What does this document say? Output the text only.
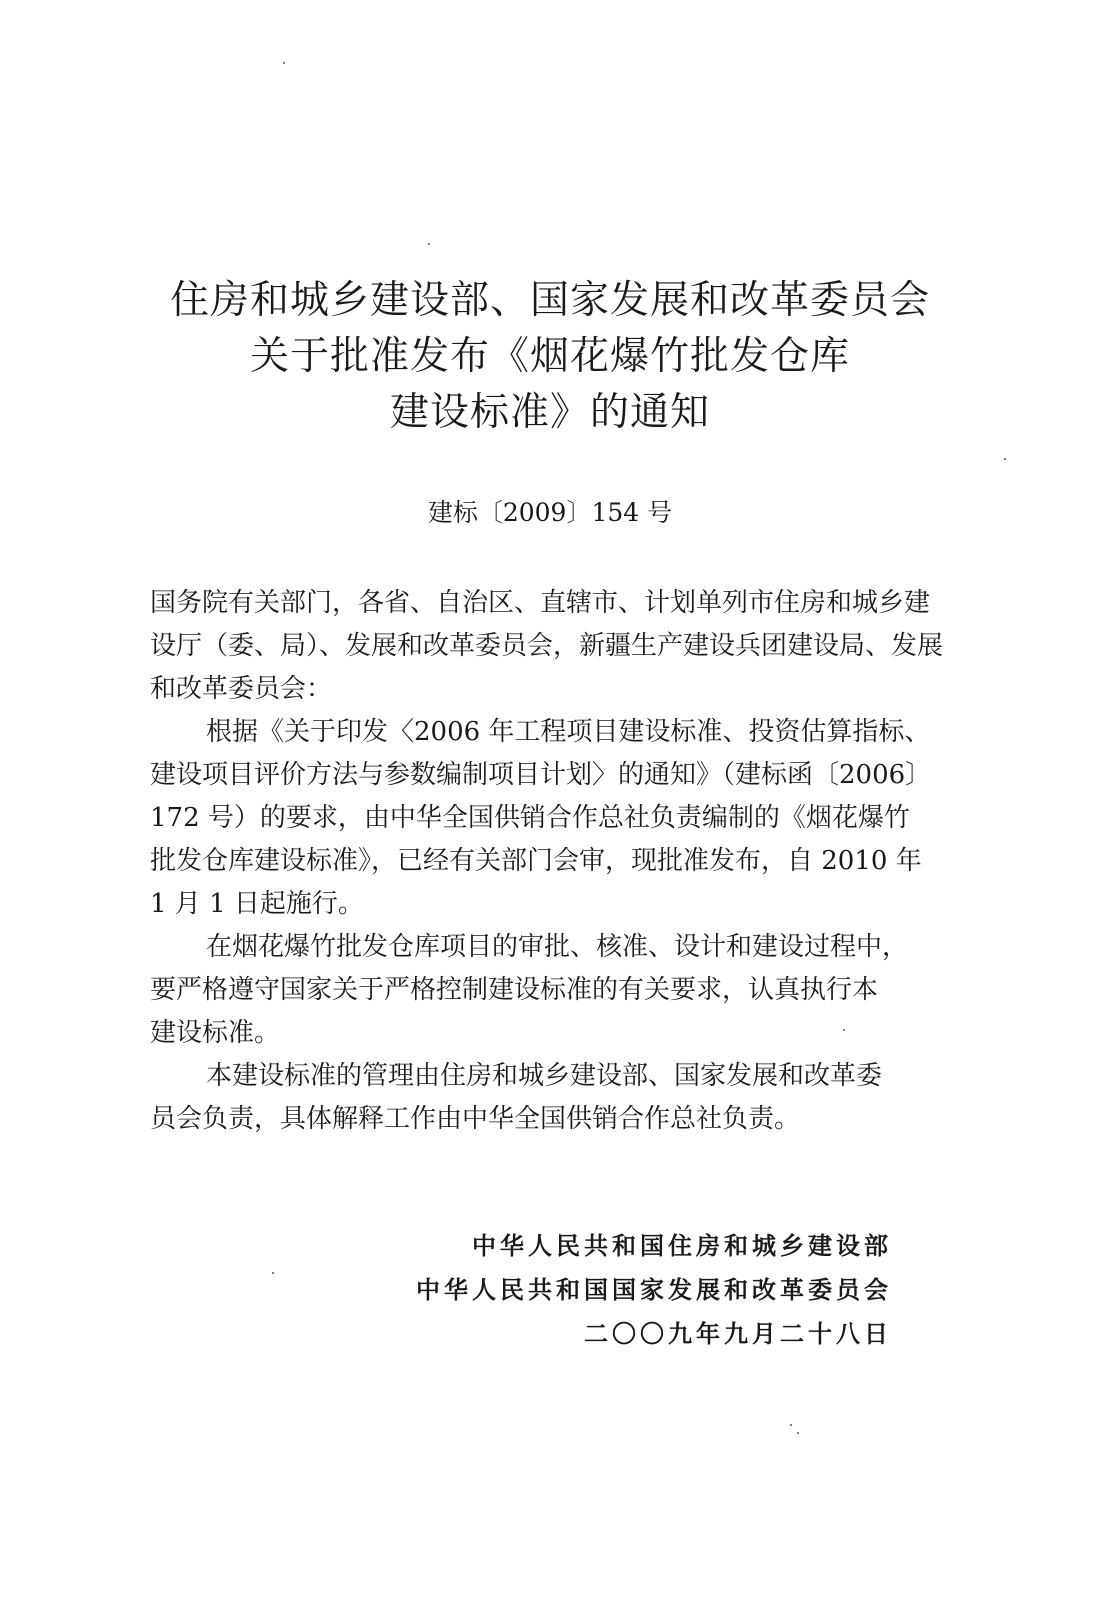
住房和城乡建设部、国家发展和改革委员会
关于批准发布《烟花爆竹批发仓库
建设标准》的通知
建标〔2009〕154 号
国务院有关部门，各省、自治区、直辖市、计划单列市住房和城乡建
设厅（委、局）、发展和改革委员会，新疆生产建设兵团建设局、发展
和改革委员会：
根据《关于印发〈2006 年工程项目建设标准、投资估算指标、
建设项目评价方法与参数编制项目计划〉的通知》（建标函〔2006〕
172 号）的要求，由中华全国供销合作总社负责编制的《烟花爆竹
批发仓库建设标准》，已经有关部门会审，现批准发布，自 2010 年
1 月 1 日起施行。
在烟花爆竹批发仓库项目的审批、核准、设计和建设过程中，
要严格遵守国家关于严格控制建设标准的有关要求，认真执行本
建设标准。
本建设标准的管理由住房和城乡建设部、国家发展和改革委
员会负责，具体解释工作由中华全国供销合作总社负责。
中华人民共和国住房和城乡建设部
中华人民共和国国家发展和改革委员会
二〇〇九年九月二十八日
